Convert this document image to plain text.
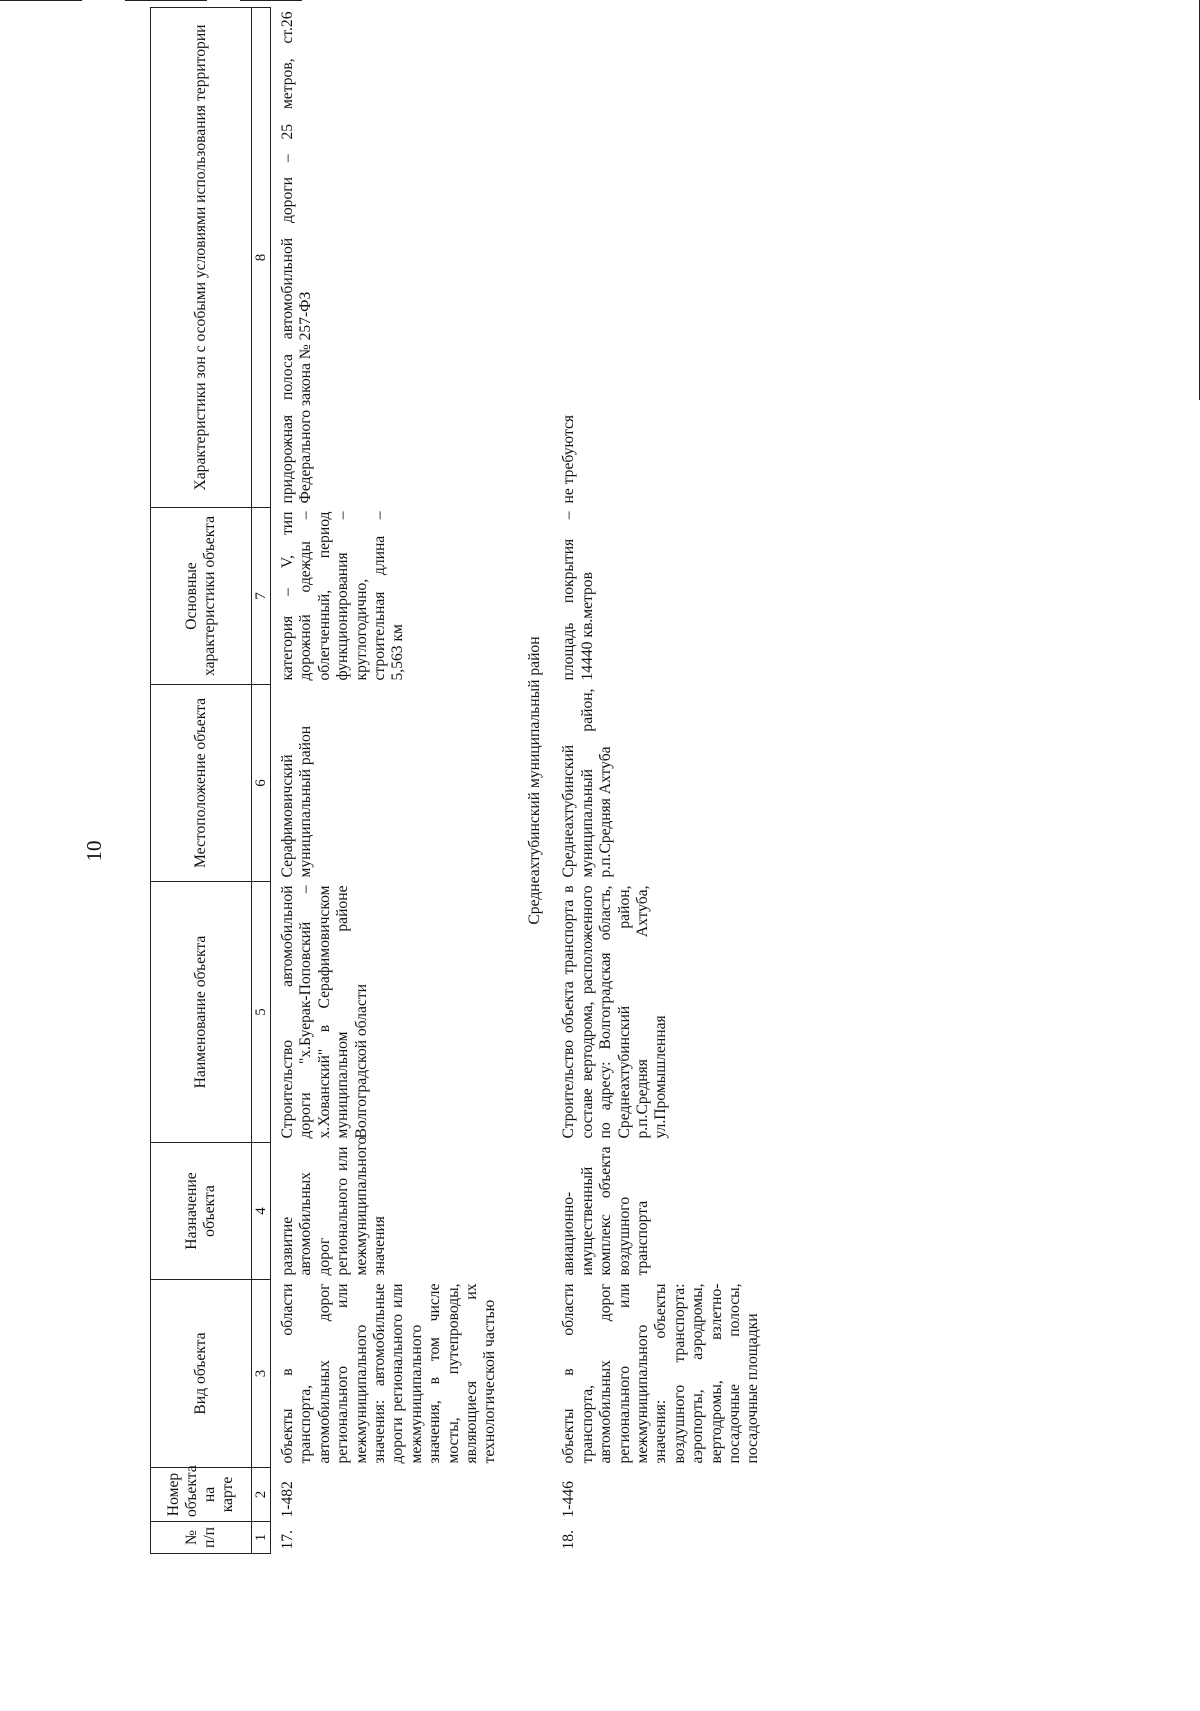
10
№ п/п	Номер объекта на карте	Вид объекта	Назначение объекта	Наименование объекта	Местоположение объекта	Основные характеристики объекта	Характеристики зон с особыми условиями использования территории
1	2	3	4	5	6	7	8
17.	1-482	объекты в области транспорта, автомобильных дорог регионального или межмуниципального значения: автомобильные дороги регионального или межмуниципального значения, в том числе мосты, путепроводы, являющиеся их технологической частью	развитие автомобильных дорог регионального или межмуниципального значения	Строительство автомобильной дороги "х.Буерак-Поповский – х.Хованский" в Серафимовичском муниципальном районе Волгоградской области	Серафимовичский муниципальный район	категория – V, тип дорожной одежды – облегченный, период функционирования – круглогодично, строительная длина – 5,563 км	придорожная полоса автомобильной дороги – 25 метров, ст.26 Федерального закона № 257-ФЗ
Среднеахтубинский муниципальный район							
18.	1-446	объекты в области транспорта, автомобильных дорог регионального или межмуниципального значения: объекты воздушного транспорта: аэропорты, аэродромы, вертодромы, взлетно-посадочные полосы, посадочные площадки	авиационно-имущественный комплекс объекта воздушного транспорта	Строительство объекта транспорта в составе вертодрома, расположенного по адресу: Волгоградская область, Среднеахтубинский район, р.п.Средняя Ахтуба, ул.Промышленная	Среднеахтубинский муниципальный район, р.п.Средняя Ахтуба	площадь покрытия – 14440 кв.метров	не требуются
